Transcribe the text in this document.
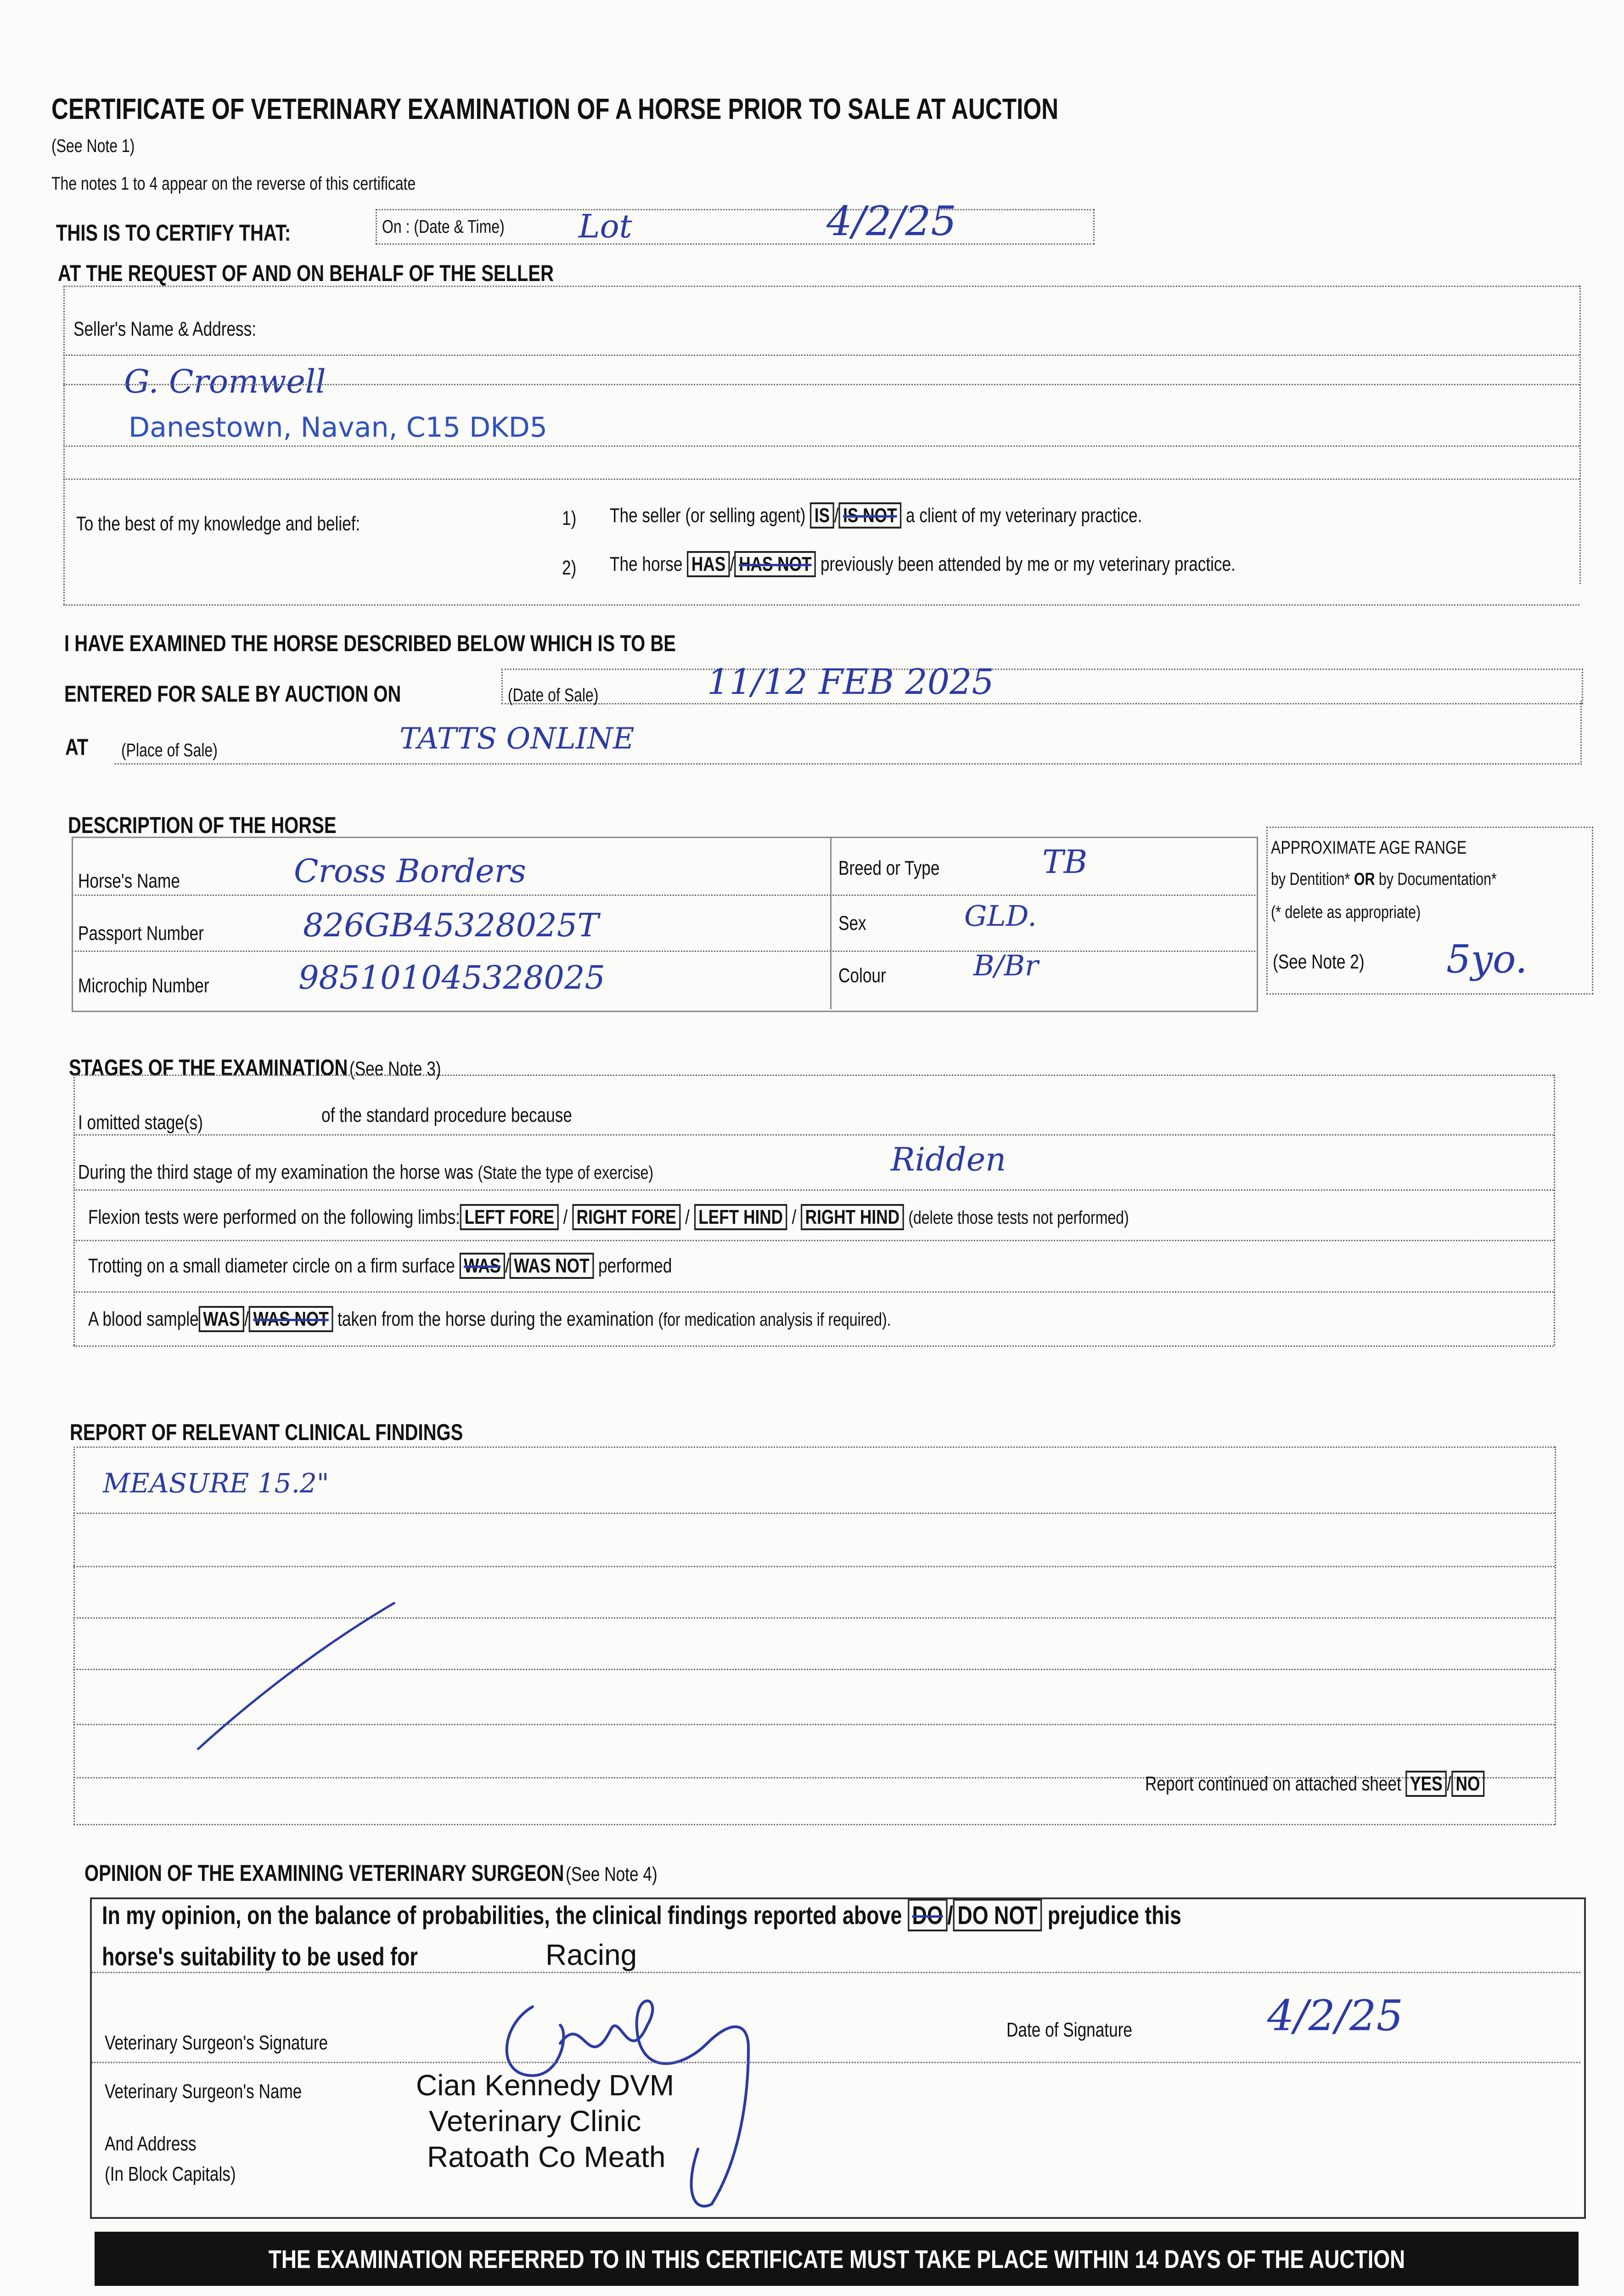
CERTIFICATE OF VETERINARY EXAMINATION OF A HORSE PRIOR TO SALE AT AUCTION
(See Note 1)
The notes 1 to 4 appear on the reverse of this certificate
THIS IS TO CERTIFY THAT:	On : (Date & Time) Lot	4/2/25
AT THE REQUEST OF AND ON BEHALF OF THE SELLER
Seller's Name & Address:
G. Cromwell
Danestown, Navan, C15 DKD5
To the best of my knowledge and belief:	1) The seller (or selling agent) IS / IS NOT a client of my veterinary practice.
2) The horse HAS / HAS NOT previously been attended by me or my veterinary practice.
I HAVE EXAMINED THE HORSE DESCRIBED BELOW WHICH IS TO BE
ENTERED FOR SALE BY AUCTION ON	(Date of Sale)	11/12 FEB 2025
AT (Place of Sale)	TATTS ONLINE
DESCRIPTION OF THE HORSE
Horse's Name	Cross Borders
Passport Number	826GB45328025T
Microchip Number	985101045328025
Breed or Type	TB
Sex	GLD.
Colour	B/Br
APPROXIMATE AGE RANGE
by Dentition* OR by Documentation*
(* delete as appropriate)
(See Note 2) 5yo.
STAGES OF THE EXAMINATION (See Note 3)
I omitted stage(s)	of the standard procedure because
During the third stage of my examination the horse was (State the type of exercise)	Ridden
Flexion tests were performed on the following limbs: LEFT FORE / RIGHT FORE / LEFT HIND / RIGHT HIND (delete those tests not performed)
Trotting on a small diameter circle on a firm surface WAS / WAS NOT performed
A blood sample WAS / WAS NOT taken from the horse during the examination (for medication analysis if required).
REPORT OF RELEVANT CLINICAL FINDINGS
MEASURE 15.2"
Report continued on attached sheet YES / NO
OPINION OF THE EXAMINING VETERINARY SURGEON (See Note 4)
In my opinion, on the balance of probabilities, the clinical findings reported above DO / DO NOT prejudice this
horse's suitability to be used for	Racing
Veterinary Surgeon's Signature
Date of Signature	4/2/25
Veterinary Surgeon's Name
And Address
(In Block Capitals)
Cian Kennedy DVM
Veterinary Clinic
Ratoath Co Meath
THE EXAMINATION REFERRED TO IN THIS CERTIFICATE MUST TAKE PLACE WITHIN 14 DAYS OF THE AUCTION
